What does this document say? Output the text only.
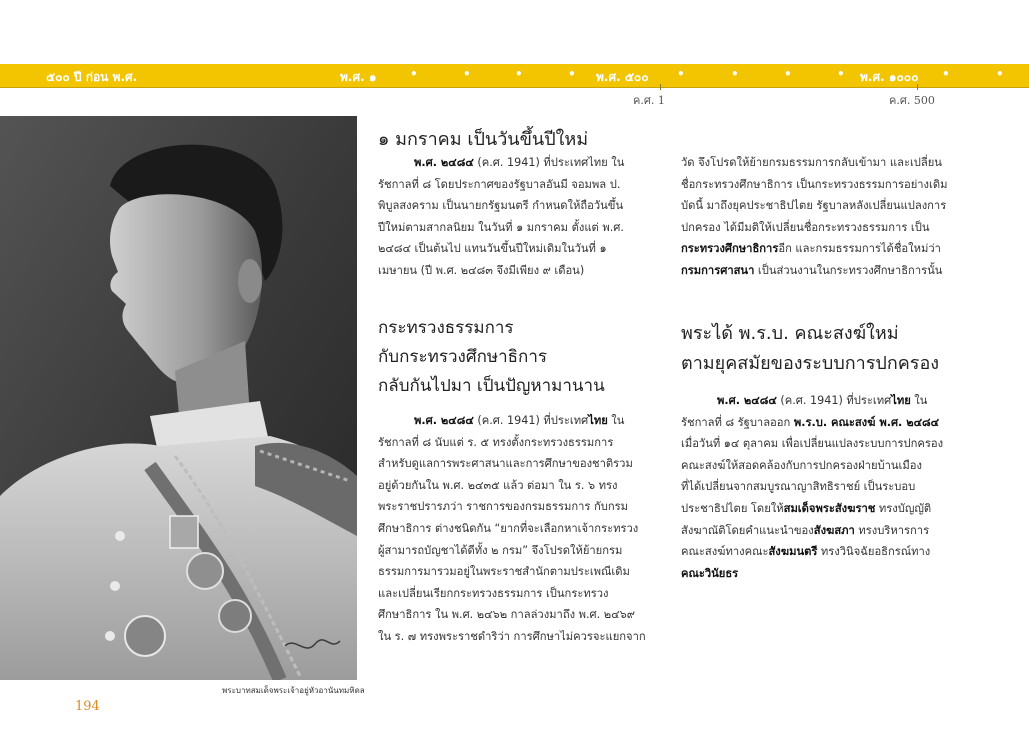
๕๐๐ ปี ก่อน พ.ศ.	พ.ศ. ๑	•	•	•	• พ.ศ. ๕๐๐ •	•	•	• พ.ศ. ๑๐๐๐ •	•
ค.ศ. 1	ค.ศ. 500
พระบาทสมเด็จพระเจ้าอยู่หัวอานันทมหิดล
194
๑ มกราคม เป็นวันขึ้นปีใหม่
พ.ศ. ๒๔๘๔ (ค.ศ. 1941) ที่ประเทศไทย ใน
รัชกาลที่ ๘ โดยประกาศของรัฐบาลอันมี จอมพล ป.
พิบูลสงคราม เป็นนายกรัฐมนตรี กำหนดให้ถือวันขึ้น
ปีใหม่ตามสากลนิยม ในวันที่ ๑ มกราคม ตั้งแต่ พ.ศ.
๒๔๘๔ เป็นต้นไป แทนวันขึ้นปีใหม่เดิมในวันที่ ๑
เมษายน (ปี พ.ศ. ๒๔๘๓ จึงมีเพียง ๙ เดือน)
วัด จึงโปรดให้ย้ายกรมธรรมการกลับเข้ามา และเปลี่ยน
ชื่อกระทรวงศึกษาธิการ เป็นกระทรวงธรรมการอย่างเดิม
บัดนี้ มาถึงยุคประชาธิปไตย รัฐบาลหลังเปลี่ยนแปลงการ
ปกครอง ได้มีมติให้เปลี่ยนชื่อกระทรวงธรรมการ เป็น
กระทรวงศึกษาธิการอีก และกรมธรรมการได้ชื่อใหม่ว่า
กรมการศาสนา เป็นส่วนงานในกระทรวงศึกษาธิการนั้น
กระทรวงธรรมการ
กับกระทรวงศึกษาธิการ
กลับกันไปมา เป็นปัญหามานาน
พ.ศ. ๒๔๘๔ (ค.ศ. 1941) ที่ประเทศไทย ใน
รัชกาลที่ ๘ นับแต่ ร. ๕ ทรงตั้งกระทรวงธรรมการ
สำหรับดูแลการพระศาสนาและการศึกษาของชาติรวม
อยู่ด้วยกันใน พ.ศ. ๒๔๓๕ แล้ว ต่อมา ใน ร. ๖ ทรง
พระราชปรารภว่า ราชการของกรมธรรมการ กับกรม
ศึกษาธิการ ต่างชนิดกัน “ยากที่จะเลือกหาเจ้ากระทรวง
ผู้สามารถบัญชาได้ดีทั้ง ๒ กรม” จึงโปรดให้ย้ายกรม
ธรรมการมารวมอยู่ในพระราชสำนักตามประเพณีเดิม
และเปลี่ยนเรียกกระทรวงธรรมการ เป็นกระทรวง
ศึกษาธิการ ใน พ.ศ. ๒๔๖๒ กาลล่วงมาถึง พ.ศ. ๒๔๖๙
ใน ร. ๗ ทรงพระราชดำริว่า การศึกษาไม่ควรจะแยกจาก
พระได้ พ.ร.บ. คณะสงฆ์ใหม่
ตามยุคสมัยของระบบการปกครอง
พ.ศ. ๒๔๘๔ (ค.ศ. 1941) ที่ประเทศไทย ใน
รัชกาลที่ ๘ รัฐบาลออก พ.ร.บ. คณะสงฆ์ พ.ศ. ๒๔๘๔
เมื่อวันที่ ๑๔ ตุลาคม เพื่อเปลี่ยนแปลงระบบการปกครอง
คณะสงฆ์ให้สอดคล้องกับการปกครองฝ่ายบ้านเมือง
ที่ได้เปลี่ยนจากสมบูรณาญาสิทธิราชย์ เป็นระบอบ
ประชาธิปไตย โดยให้สมเด็จพระสังฆราช ทรงบัญญัติ
สังฆาณัติโดยคำแนะนำของสังฆสภา ทรงบริหารการ
คณะสงฆ์ทางคณะสังฆมนตรี ทรงวินิจฉัยอธิกรณ์ทาง
คณะวินัยธร
